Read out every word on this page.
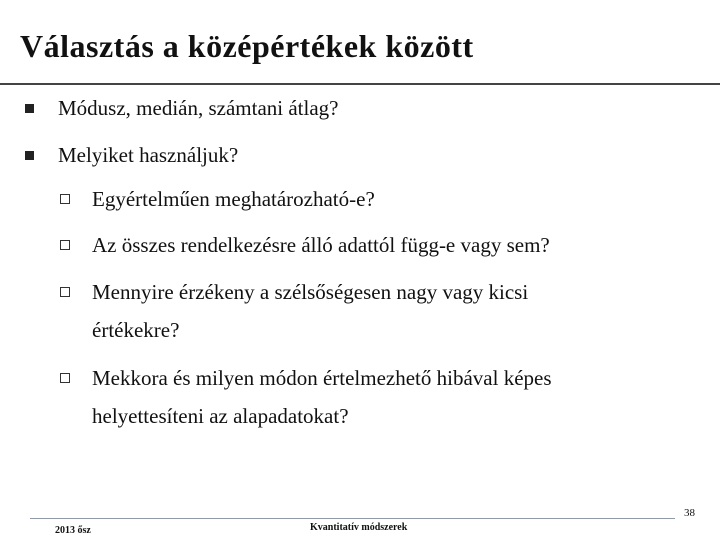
Választás a középértékek között
Módusz, medián, számtani átlag?
Melyiket használjuk?
Egyértelműen meghatározható-e?
Az összes rendelkezésre álló adattól függ-e vagy sem?
Mennyire érzékeny a szélsőségesen nagy vagy kicsi
értékekre?
Mekkora és milyen módon értelmezhető hibával képes
helyettesíteni az alapadatokat?
38
2013 ősz	Kvantitatív módszerek
